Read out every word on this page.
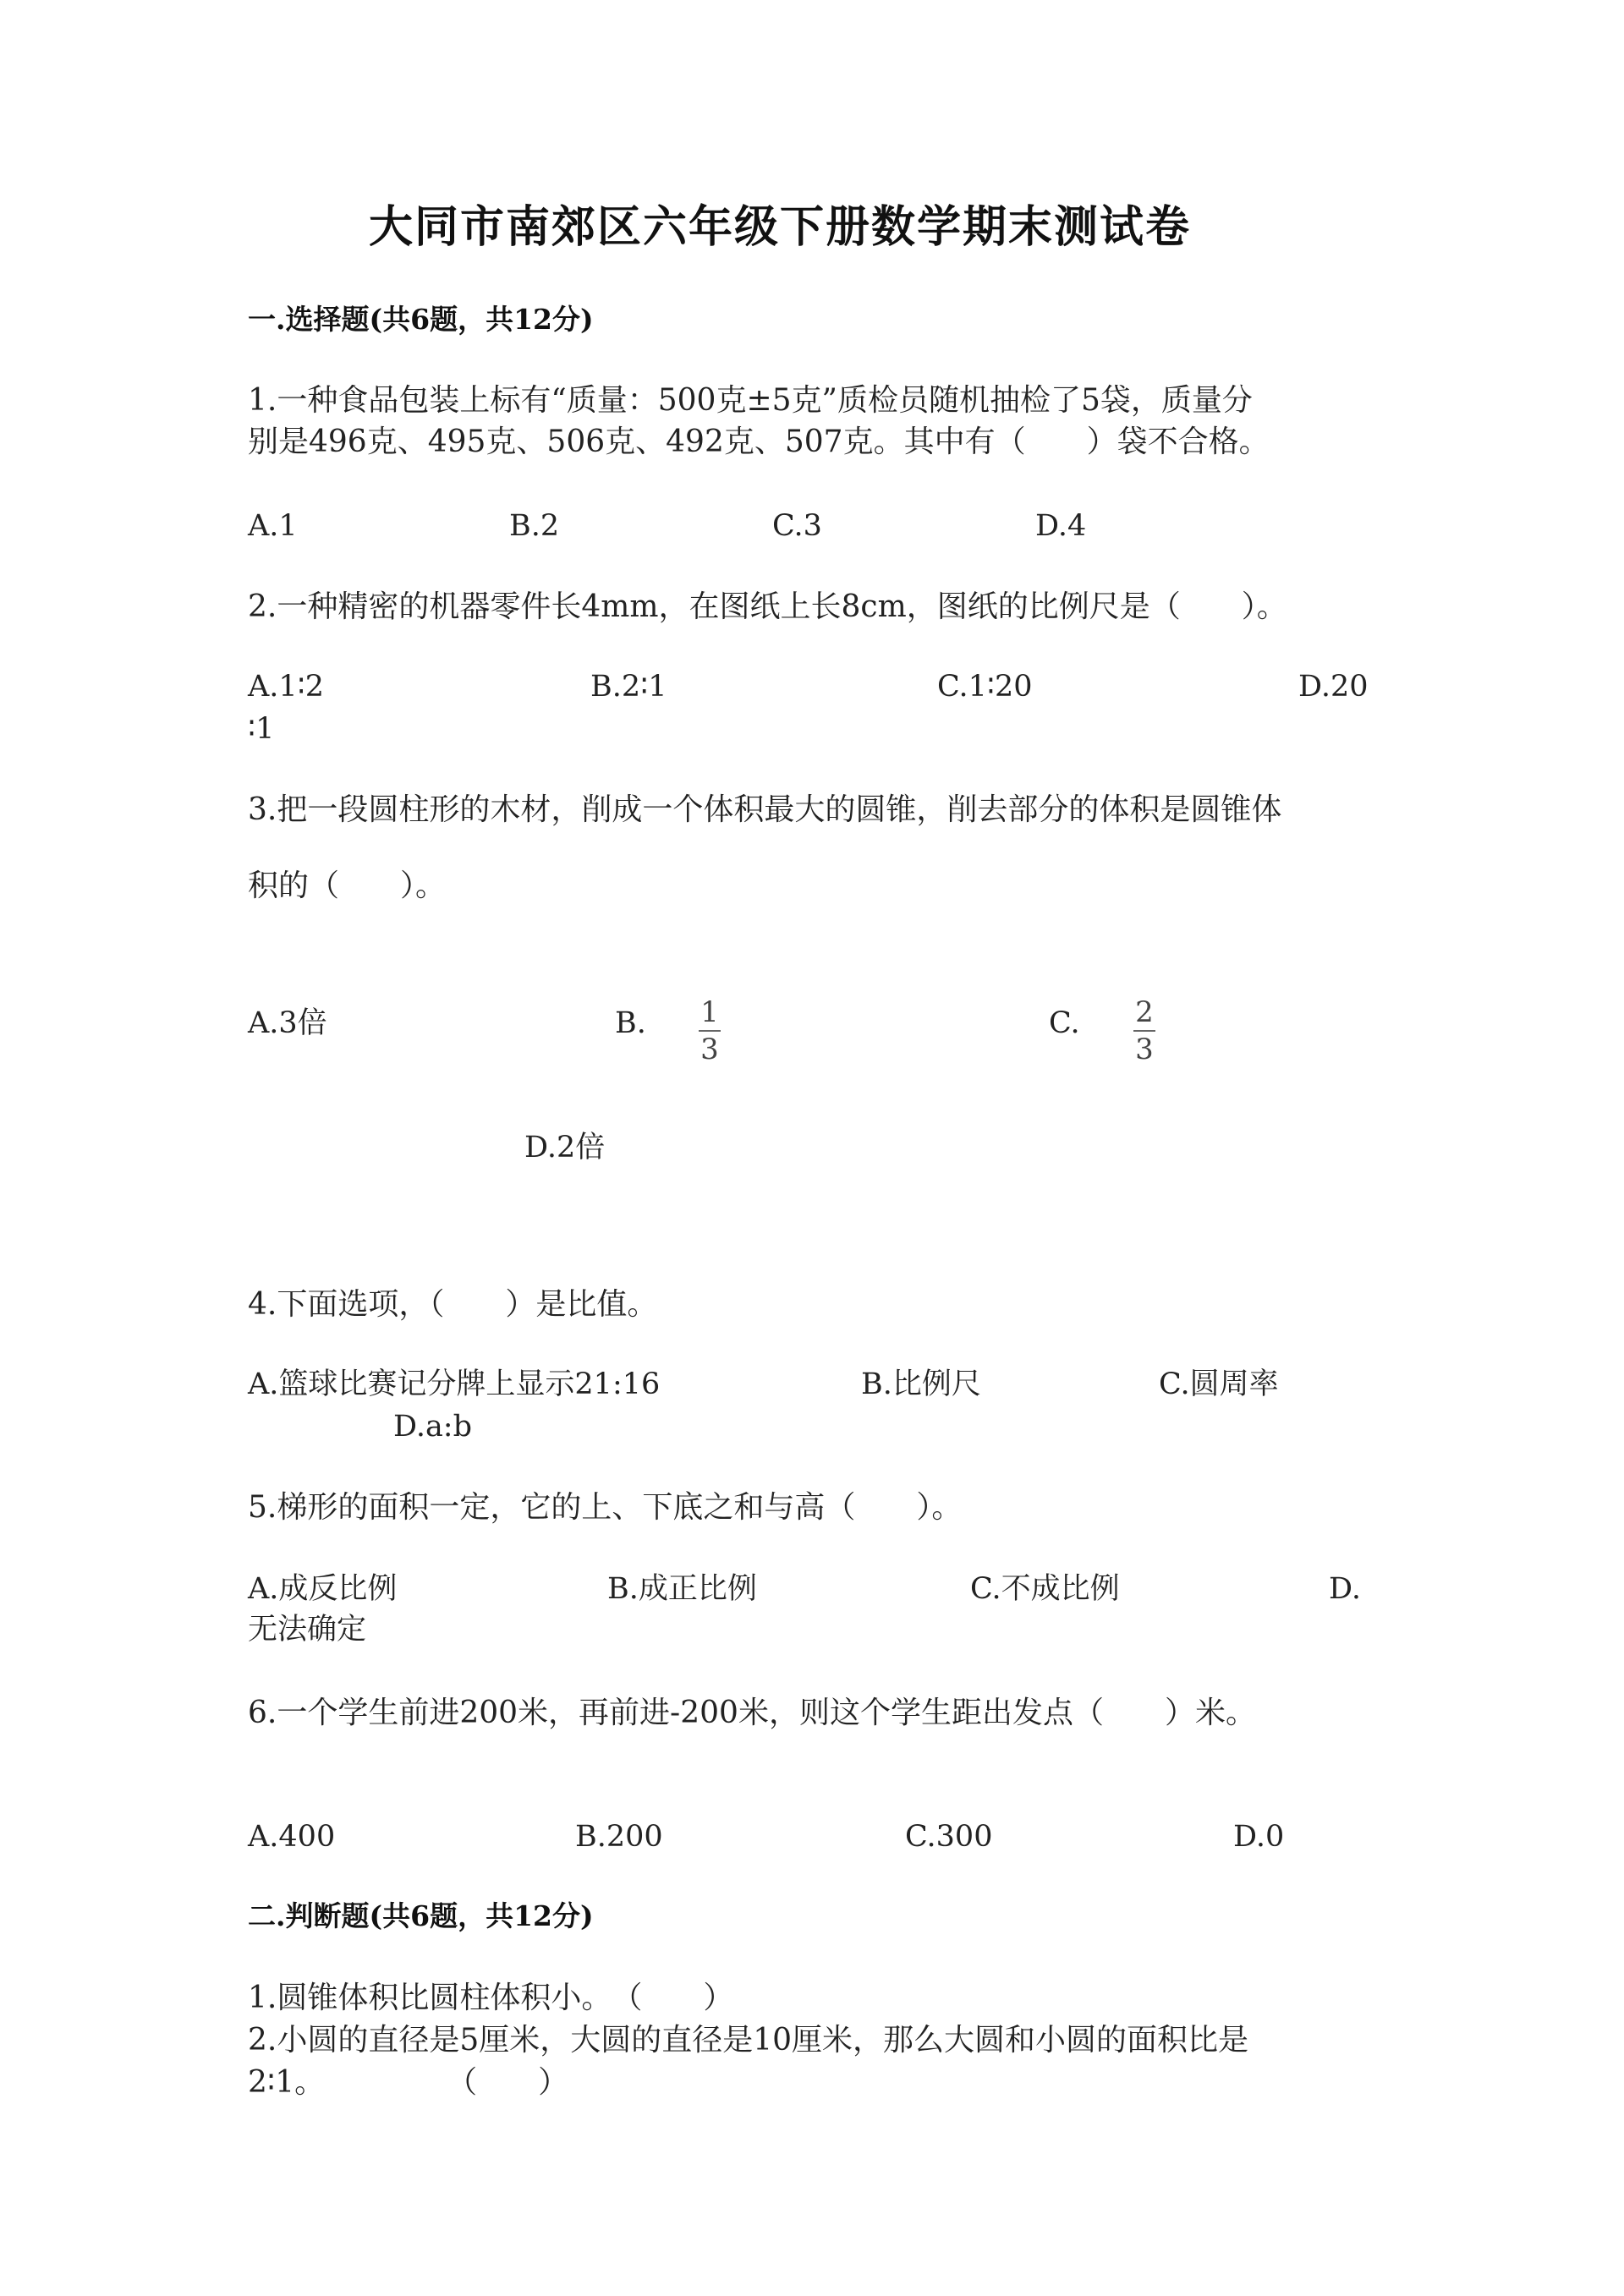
大同市南郊区六年级下册数学期末测试卷
一.选择题(共6题，共12分)
1.一种食品包装上标有“质量：500克±5克”质检员随机抽检了5袋，质量分
别是496克、495克、506克、492克、507克。其中有（　　）袋不合格。
A.1	B.2	C.3	D.4
2.一种精密的机器零件长4mm，在图纸上长8cm，图纸的比例尺是（　　）。
A.1∶2	B.2∶1	C.1∶20	D.20
∶1
3.把一段圆柱形的木材，削成一个体积最大的圆锥，削去部分的体积是圆锥体
积的（　　）。
A.3倍	B. 1
3
C. 2
3
D.2倍
4.下面选项，（　　）是比值。
A.篮球比赛记分牌上显示21:16	B.比例尺	C.圆周率
D.a:b
5.梯形的面积一定，它的上、下底之和与高（　　）。
A.成反比例	B.成正比例	C.不成比例	D.
无法确定
6.一个学生前进200米，再前进-200米，则这个学生距出发点（　　）米。
A.400	B.200	C.300	D.0
二.判断题(共6题，共12分)
1.圆锥体积比圆柱体积小。　（　　）
2.小圆的直径是5厘米，大圆的直径是10厘米，那么大圆和小圆的面积比是
2∶1。　　　　　（　　）
